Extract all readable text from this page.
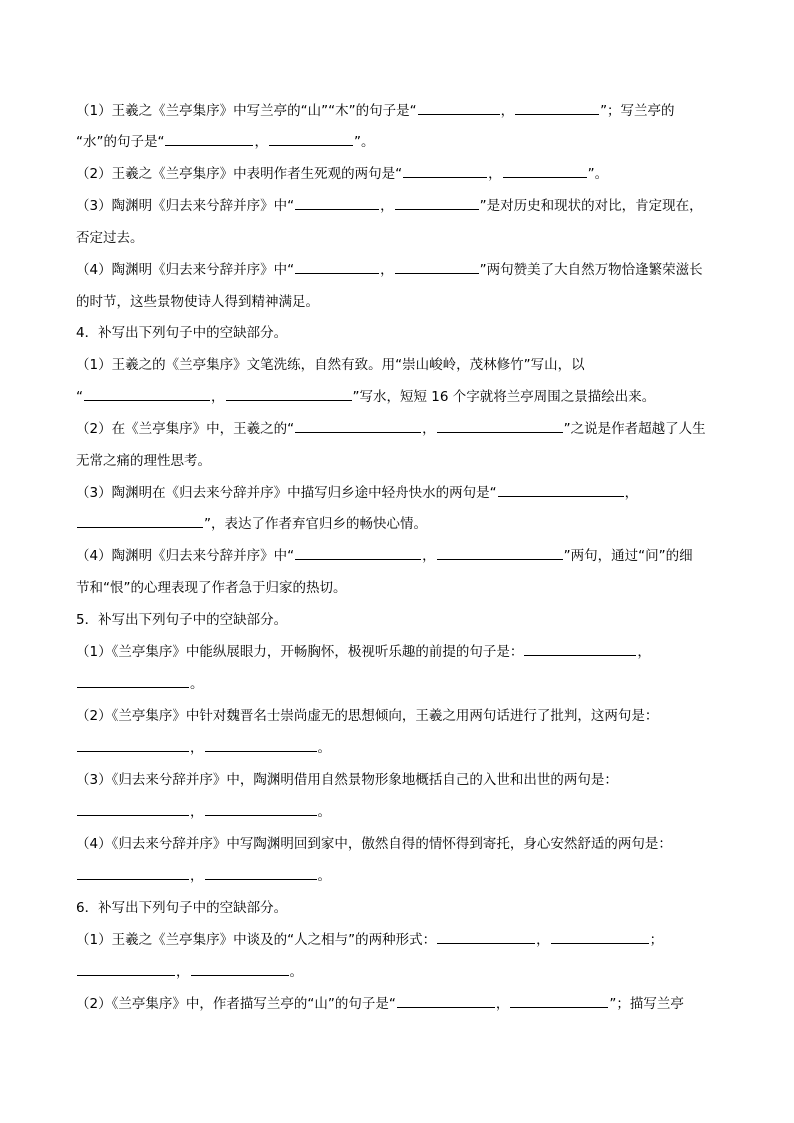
（1）王羲之《兰亭集序》中写兰亭的“山”“木”的句子是“	，	”；写兰亭的
“水”的句子是“	，	”。
（2）王羲之《兰亭集序》中表明作者生死观的两句是“	，	”。
（3）陶渊明《归去来兮辞并序》中“	，	”是对历史和现状的对比，肯定现在，
否定过去。
（4）陶渊明《归去来兮辞并序》中“	，	”两句赞美了大自然万物恰逢繁荣滋长
的时节，这些景物使诗人得到精神满足。
4．补写出下列句子中的空缺部分。
（1）王羲之的《兰亭集序》文笔洗练，自然有致。用“崇山峻岭，茂林修竹”写山，以
“	，	”写水，短短 16 个字就将兰亭周围之景描绘出来。
（2）在《兰亭集序》中，王羲之的“	，	”之说是作者超越了人生
无常之痛的理性思考。
（3）陶渊明在《归去来兮辞并序》中描写归乡途中轻舟快水的两句是“	，
”，表达了作者弃官归乡的畅快心情。
（4）陶渊明《归去来兮辞并序》中“	，	”两句，通过“问”的细
节和“恨”的心理表现了作者急于归家的热切。
5．补写出下列句子中的空缺部分。
（1）《兰亭集序》中能纵展眼力，开畅胸怀，极视听乐趣的前提的句子是：	，
。
（2）《兰亭集序》中针对魏晋名士崇尚虚无的思想倾向，王羲之用两句话进行了批判，这两句是：
，	。
（3）《归去来兮辞并序》中，陶渊明借用自然景物形象地概括自己的入世和出世的两句是：
，	。
（4）《归去来兮辞并序》中写陶渊明回到家中，傲然自得的情怀得到寄托，身心安然舒适的两句是：
，	。
6．补写出下列句子中的空缺部分。
（1）王羲之《兰亭集序》中谈及的“人之相与”的两种形式：	，	；
，	。
（2）《兰亭集序》中，作者描写兰亭的“山”的句子是“	，	”；描写兰亭
